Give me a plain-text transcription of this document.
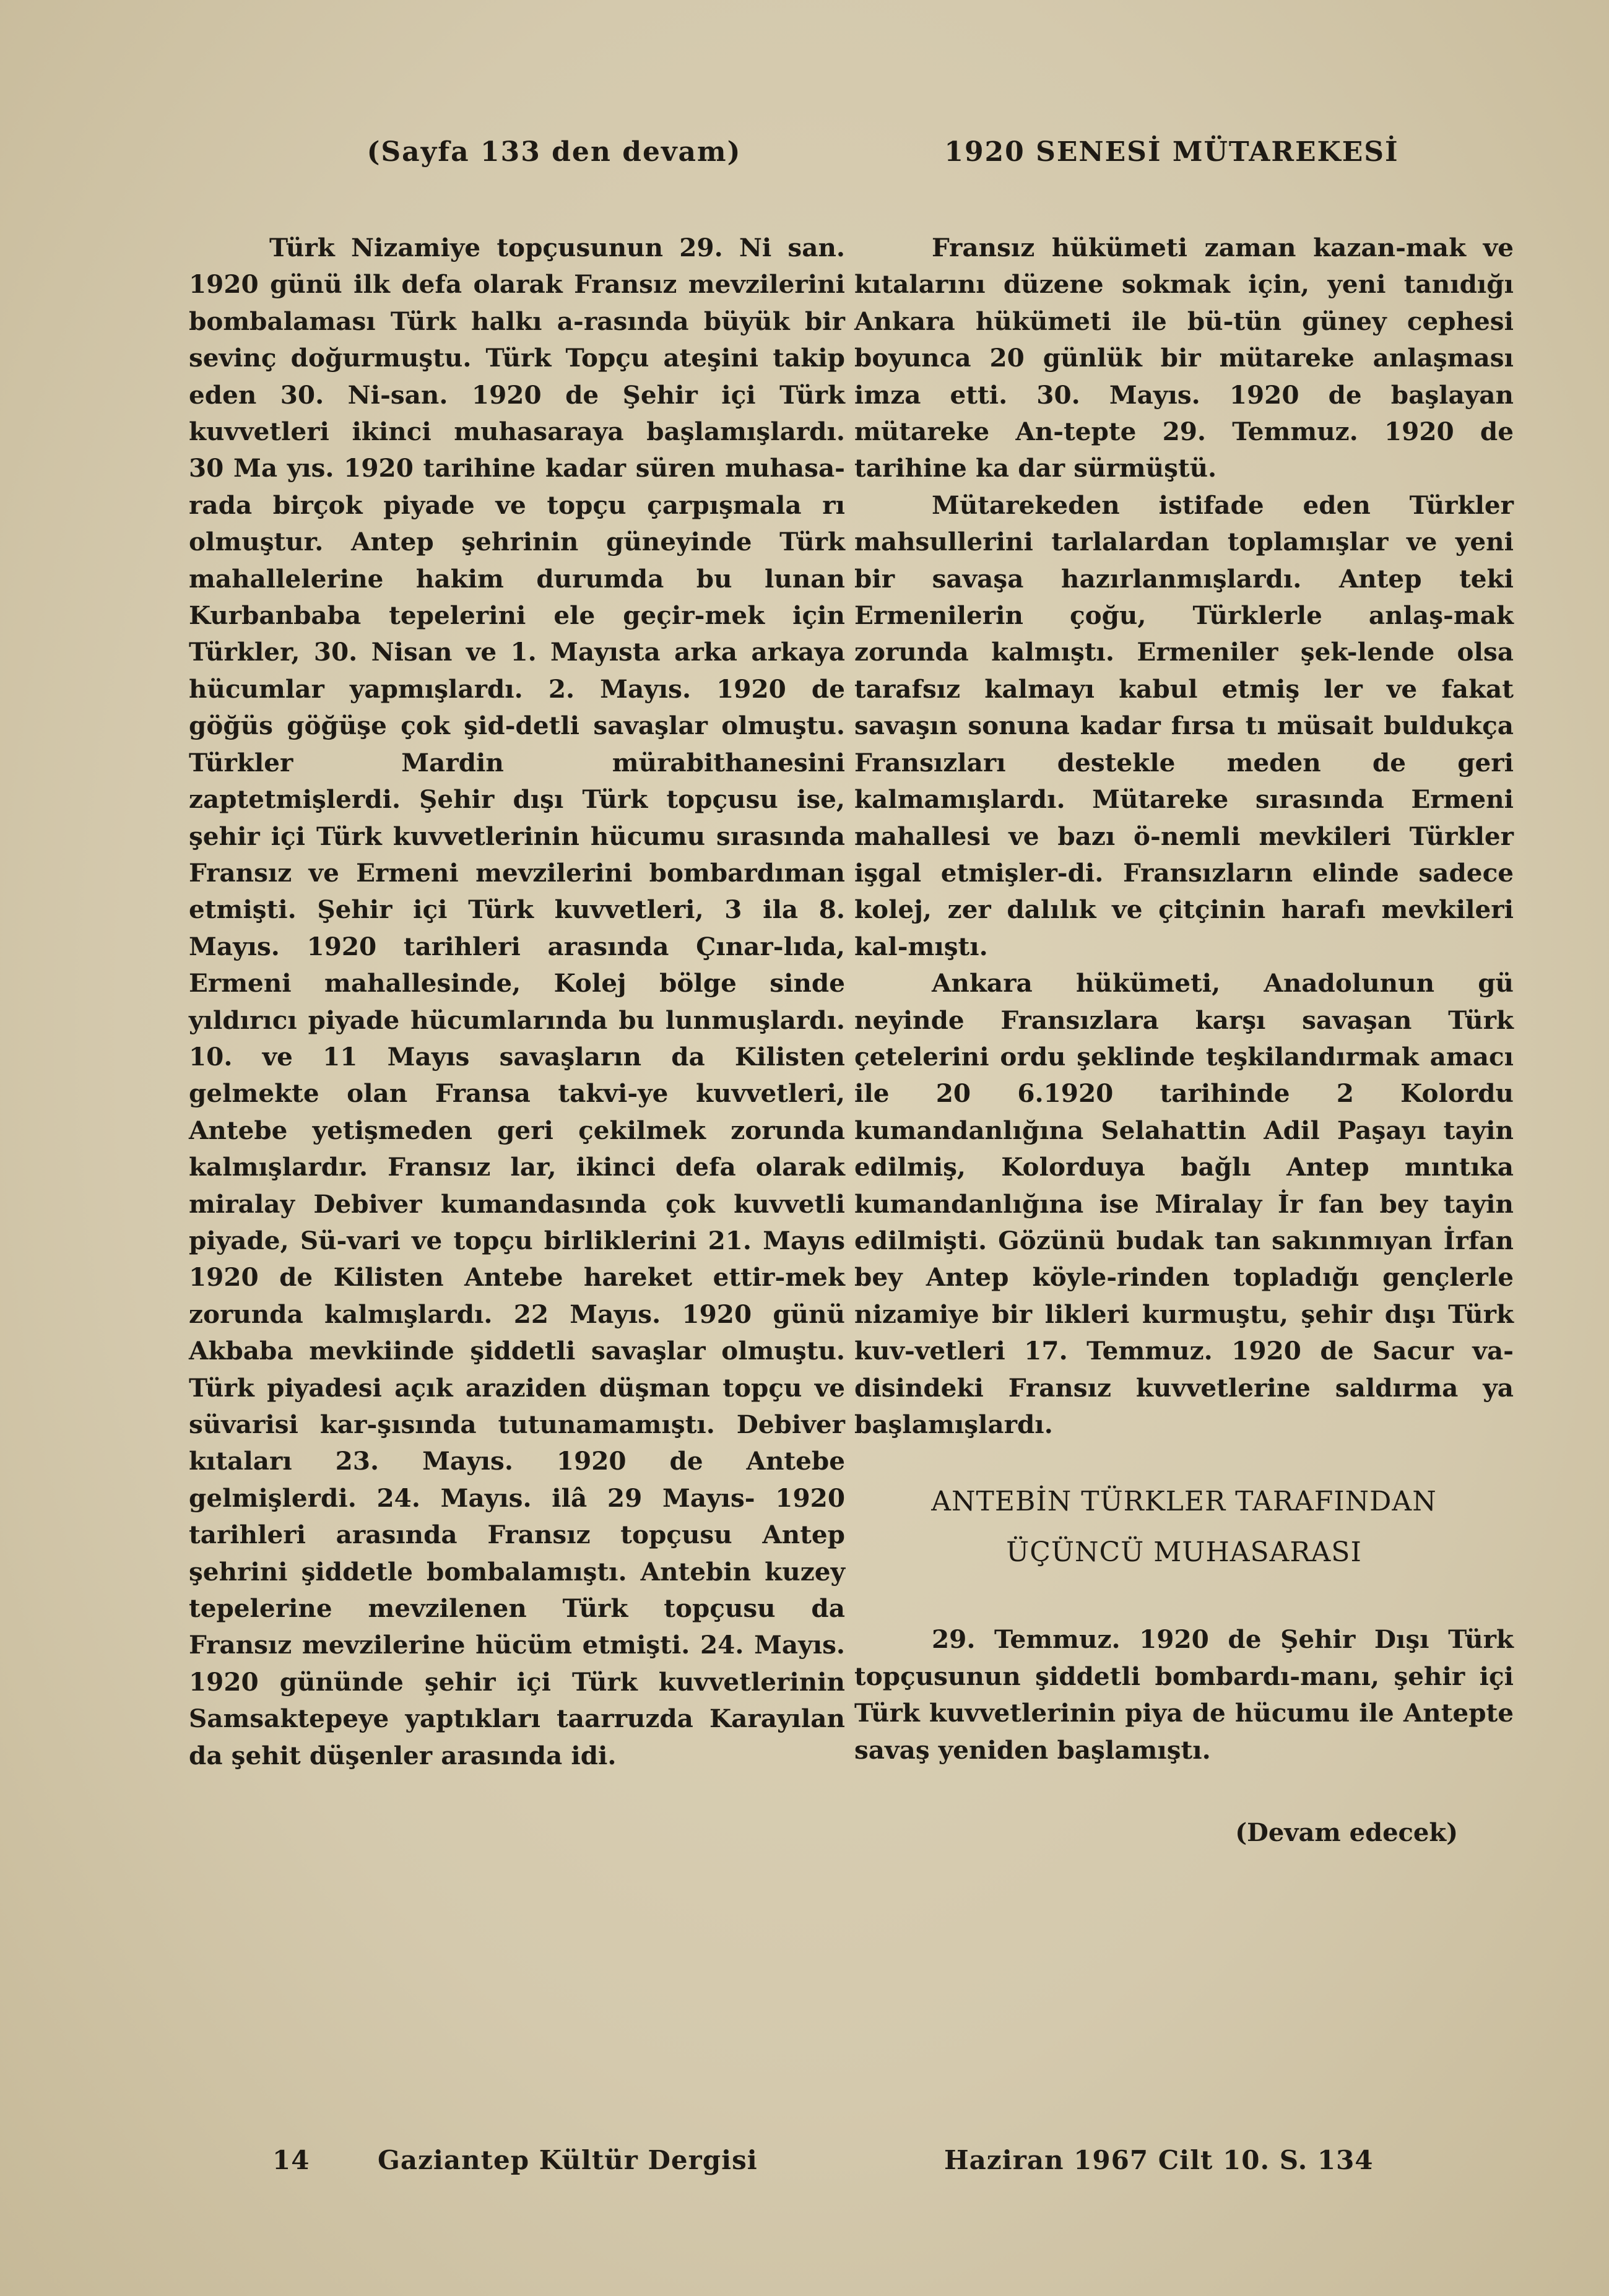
(Sayfa 133 den devam)

Türk Nizamiye topçusunun 29. Ni san. 1920 günü ilk defa olarak Fransız mevzilerini bombalaması Türk halkı a-rasında büyük bir sevinç doğurmuştu. Türk Topçu ateşini takip eden 30. Ni-san. 1920 de Şehir içi Türk kuvvetleri ikinci muhasaraya başlamışlardı. 30 Ma yıs. 1920 tarihine kadar süren muhasa-rada birçok piyade ve topçu çarpışmala rı olmuştur. Antep şehrinin güneyinde Türk mahallelerine hakim durumda bu lunan Kurbanbaba tepelerini ele geçir-mek için Türkler, 30. Nisan ve 1. Mayısta arka arkaya hücumlar yapmışlardı. 2. Mayıs. 1920 de göğüs göğüşe çok şid-detli savaşlar olmuştu. Türkler Mardin mürabithanesini zaptetmişlerdi. Şehir dışı Türk topçusu ise, şehir içi Türk kuvvetlerinin hücumu sırasında Fransız ve Ermeni mevzilerini bombardıman etmişti. Şehir içi Türk kuvvetleri, 3 ila 8. Mayıs. 1920 tarihleri arasında Çınar-lıda, Ermeni mahallesinde, Kolej bölge sinde yıldırıcı piyade hücumlarında bu lunmuşlardı. 10. ve 11 Mayıs savaşların da Kilisten gelmekte olan Fransa takvi-ye kuvvetleri, Antebe yetişmeden geri çekilmek zorunda kalmışlardır. Fransız lar, ikinci defa olarak miralay Debiver kumandasında çok kuvvetli piyade, Sü-vari ve topçu birliklerini 21. Mayıs 1920 de Kilisten Antebe hareket ettir-mek zorunda kalmışlardı. 22 Mayıs. 1920 günü Akbaba mevkiinde şiddetli savaşlar olmuştu. Türk piyadesi açık araziden düşman topçu ve süvarisi kar-şısında tutunamamıştı. Debiver kıtaları 23. Mayıs. 1920 de Antebe gelmişlerdi. 24. Mayıs. ilâ 29 Mayıs- 1920 tarihleri arasında Fransız topçusu Antep şehrini şiddetle bombalamıştı. Antebin kuzey tepelerine mevzilenen Türk topçusu da Fransız mevzilerine hücüm etmişti. 24. Mayıs. 1920 gününde şehir içi Türk kuvvetlerinin Samsaktepeye yaptıkları taarruzda Karayılan da şehit düşenler arasında idi.

1920 SENESİ MÜTAREKESİ

Fransız hükümeti zaman kazan-mak ve kıtalarını düzene sokmak için, yeni tanıdığı Ankara hükümeti ile bü-tün güney cephesi boyunca 20 günlük bir mütareke anlaşması imza etti. 30. Mayıs. 1920 de başlayan mütareke An-tepte 29. Temmuz. 1920 de tarihine ka dar sürmüştü.

Mütarekeden istifade eden Türkler mahsullerini tarlalardan toplamışlar ve yeni bir savaşa hazırlanmışlardı. Antep teki Ermenilerin çoğu, Türklerle anlaş-mak zorunda kalmıştı. Ermeniler şek-lende olsa tarafsız kalmayı kabul etmiş ler ve fakat savaşın sonuna kadar fırsa tı müsait buldukça Fransızları destekle meden de geri kalmamışlardı. Mütareke sırasında Ermeni mahallesi ve bazı ö-nemli mevkileri Türkler işgal etmişler-di. Fransızların elinde sadece kolej, zer dalılık ve çitçinin harafı mevkileri kal-mıştı.

Ankara hükümeti, Anadolunun gü neyinde Fransızlara karşı savaşan Türk çetelerini ordu şeklinde teşkilandırmak amacı ile 20 6.1920 tarihinde 2 Kolordu kumandanlığına Selahattin Adil Paşayı tayin edilmiş, Kolorduya bağlı Antep mıntıka kumandanlığına ise Miralay İr fan bey tayin edilmişti. Gözünü budak tan sakınmıyan İrfan bey Antep köyle-rinden topladığı gençlerle nizamiye bir likleri kurmuştu, şehir dışı Türk kuv-vetleri 17. Temmuz. 1920 de Sacur va-disindeki Fransız kuvvetlerine saldırma ya başlamışlardı.

ANTEBİN TÜRKLER TARAFINDAN
ÜÇÜNCÜ MUHASARASI

29. Temmuz. 1920 de Şehir Dışı Türk topçusunun şiddetli bombardı-manı, şehir içi Türk kuvvetlerinin piya de hücumu ile Antepte savaş yeniden başlamıştı.

(Devam edecek)
14	Gaziantep Kültür Dergisi	Haziran 1967 Cilt 10. S. 134
